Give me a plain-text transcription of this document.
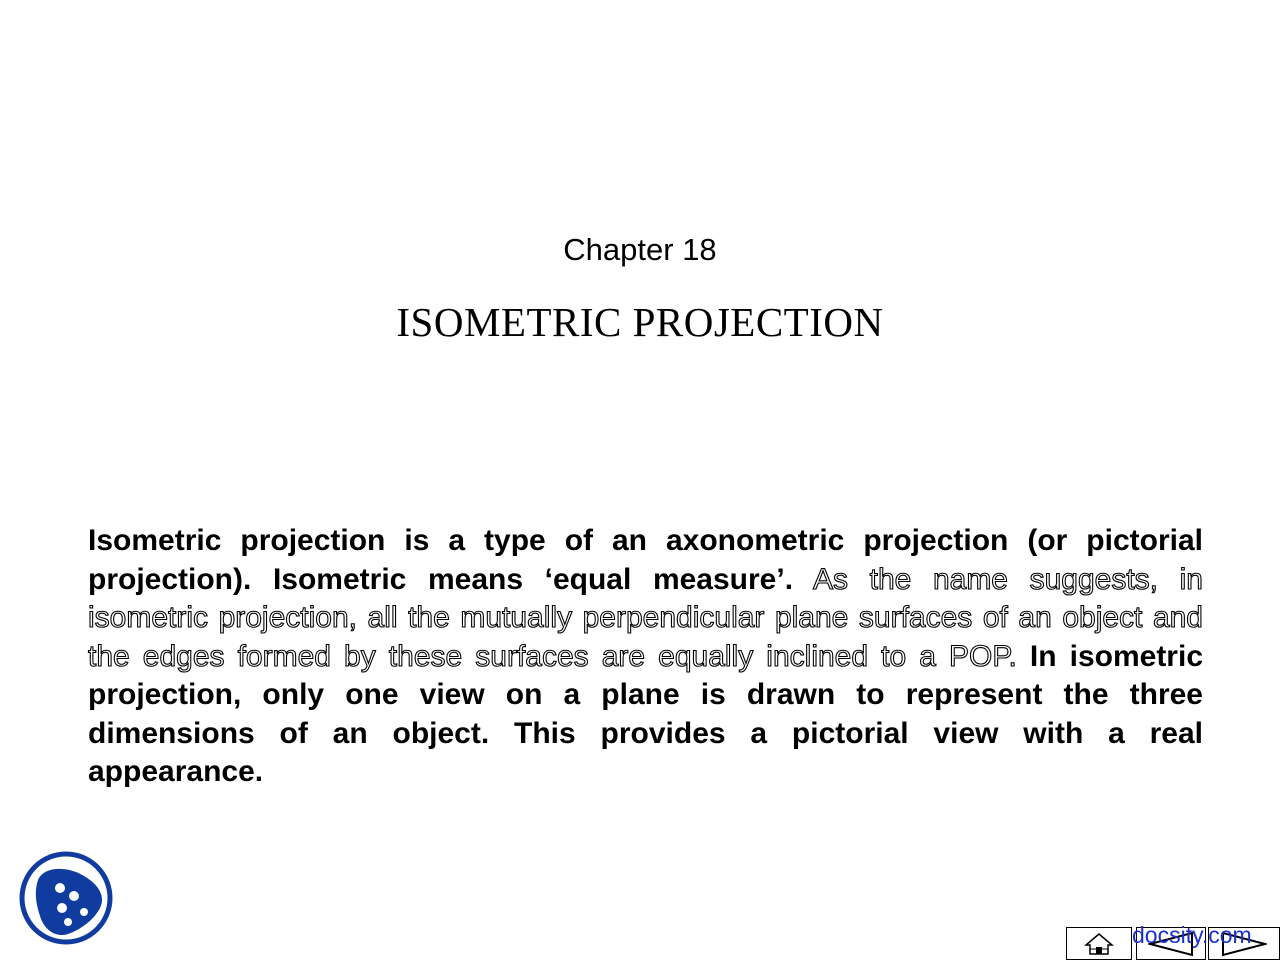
Chapter 18
ISOMETRIC PROJECTION

Isometric projection is a type of an axonometric projection (or pictorial projection). Isometric means ‘equal measure’. As the name suggests, in isometric projection, all the mutually perpendicular plane surfaces of an object and the edges formed by these surfaces are equally inclined to a POP. In isometric projection, only one view on a plane is drawn to represent the three dimensions of an object. This provides a pictorial view with a real appearance.

docsity.com
